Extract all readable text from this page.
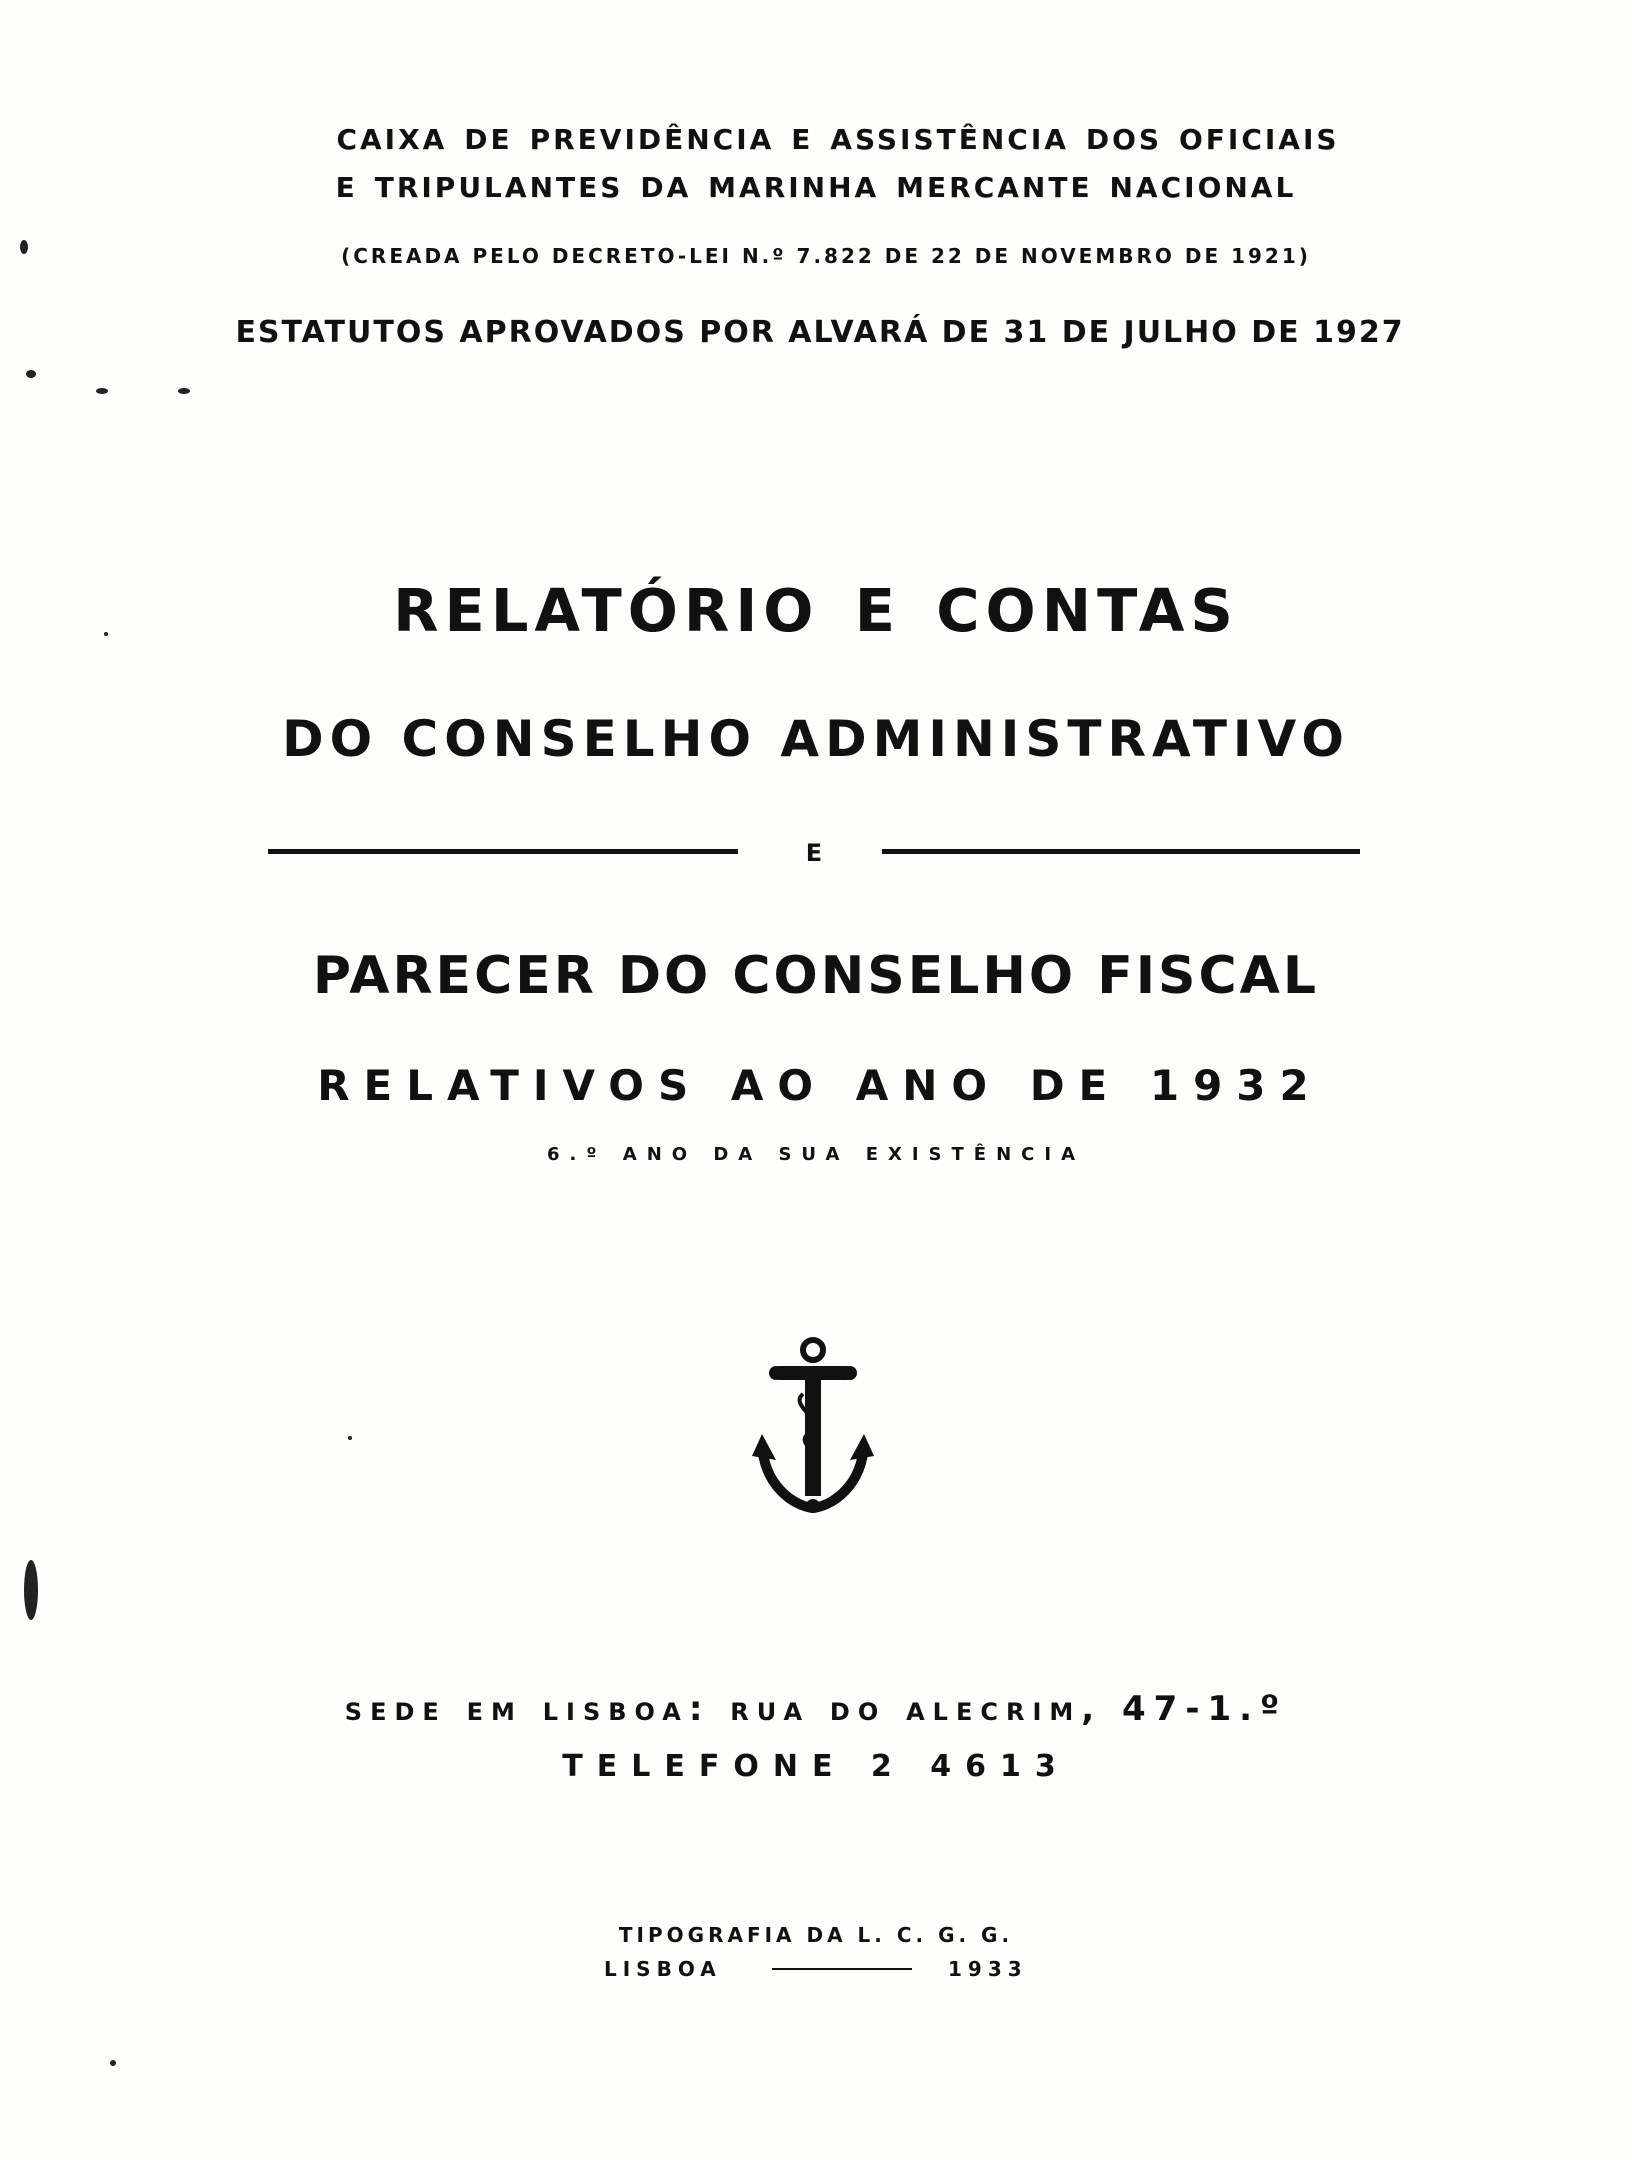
caixa de previdência e assistência dos oficiais
e tripulantes da marinha mercante nacional
(CREADA PELO DECRETO-LEI N.º 7.822 DE 22 DE NOVEMBRO DE 1921)
ESTATUTOS APROVADOS POR ALVARÁ DE 31 DE JULHO DE 1927
relatório e contas
DO CONSELHO ADMINISTRATIVO
E
PARECER DO CONSELHO FISCAL
RELATIVOS AO ANO DE 1932
6.º ANO DA SUA EXISTÊNCIA
sede em lisboa: rua do alecrim, 47-1.º
TELEFONE 2 4613
TIPOGRAFIA DA L. C. G. G.
LISBOA	1933
